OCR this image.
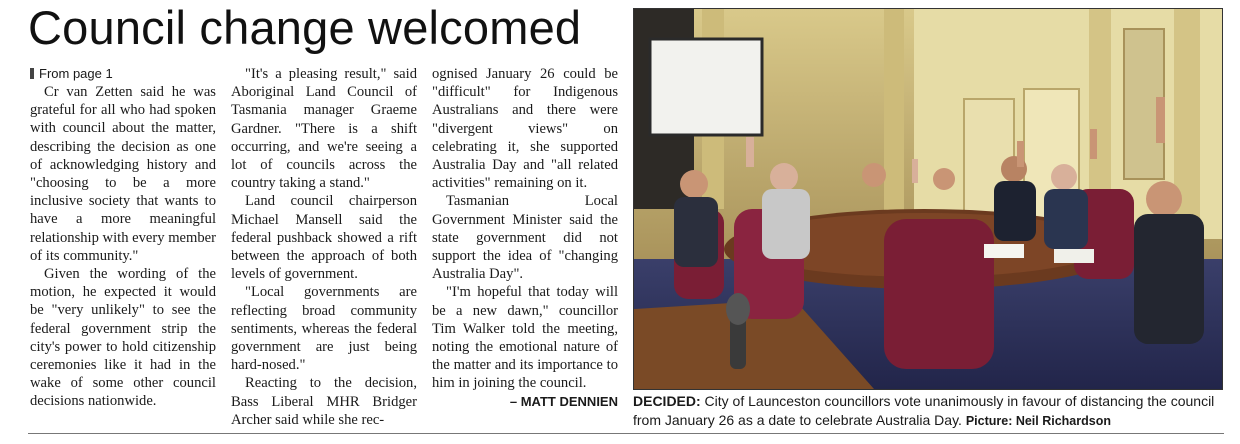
Council change welcomed
From page 1

Cr van Zetten said he was grateful for all who had spoken with council about the matter, describing the decision as one of acknowledging history and "choosing to be a more inclusive society that wants to have a more meaningful relationship with every member of its community."

Given the wording of the motion, he expected it would be "very unlikely" to see the federal government strip the city's power to hold citizenship ceremonies like it had in the wake of some other council decisions nationwide.

"It's a pleasing result," said Aboriginal Land Council of Tasmania manager Graeme Gardner. "There is a shift occurring, and we're seeing a lot of councils across the country taking a stand."

Land council chairperson Michael Mansell said the federal pushback showed a rift between the approach of both levels of government.

"Local governments are reflecting broad community sentiments, whereas the federal government are just being hard-nosed."

Reacting to the decision, Bass Liberal MHR Bridger Archer said while she rec-

ognised January 26 could be "difficult" for Indigenous Australians and there were "divergent views" on celebrating it, she supported Australia Day and "all related activities" remaining on it.

Tasmanian Local Government Minister said the state government did not support the idea of "changing Australia Day".

"I'm hopeful that today will be a new dawn," councillor Tim Walker told the meeting, noting the emotional nature of the matter and its importance to him in joining the council.

– MATT DENNIEN DECIDED: City of Launceston councillors vote unanimously in favour of distancing the council from January 26 as a date to celebrate Australia Day. Picture: Neil Richardson
